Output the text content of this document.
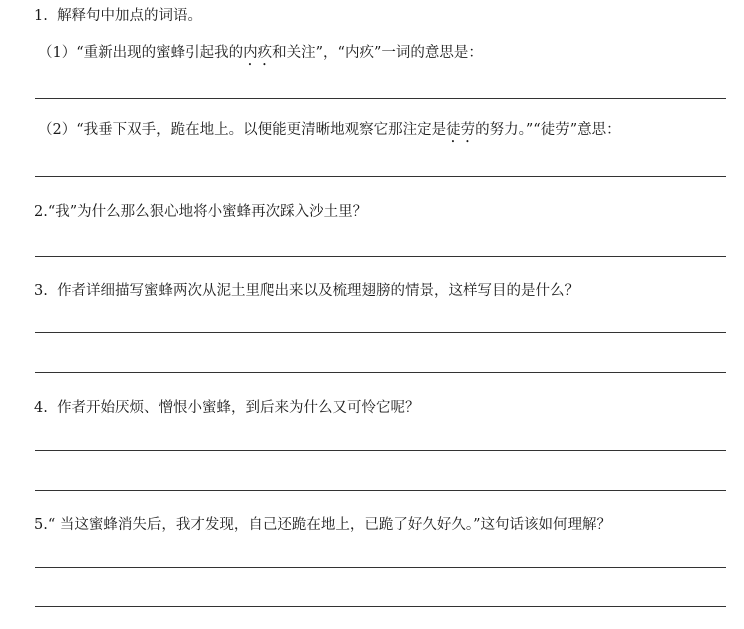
1. 解释句中加点的词语。
（1）“重新出现的蜜蜂引起我的内疚和关注”，“内疚”一词的意思是：
（2）“我垂下双手，跪在地上。以便能更清晰地观察它那注定是徒劳的努力。”“徒劳”意思：
2.“我”为什么那么狠心地将小蜜蜂再次踩入沙土里？
3. 作者详细描写蜜蜂两次从泥土里爬出来以及梳理翅膀的情景，这样写目的是什么？
4. 作者开始厌烦、憎恨小蜜蜂，到后来为什么又可怜它呢？
5.“ 当这蜜蜂消失后，我才发现，自己还跪在地上，已跪了好久好久。”这句话该如何理解？
